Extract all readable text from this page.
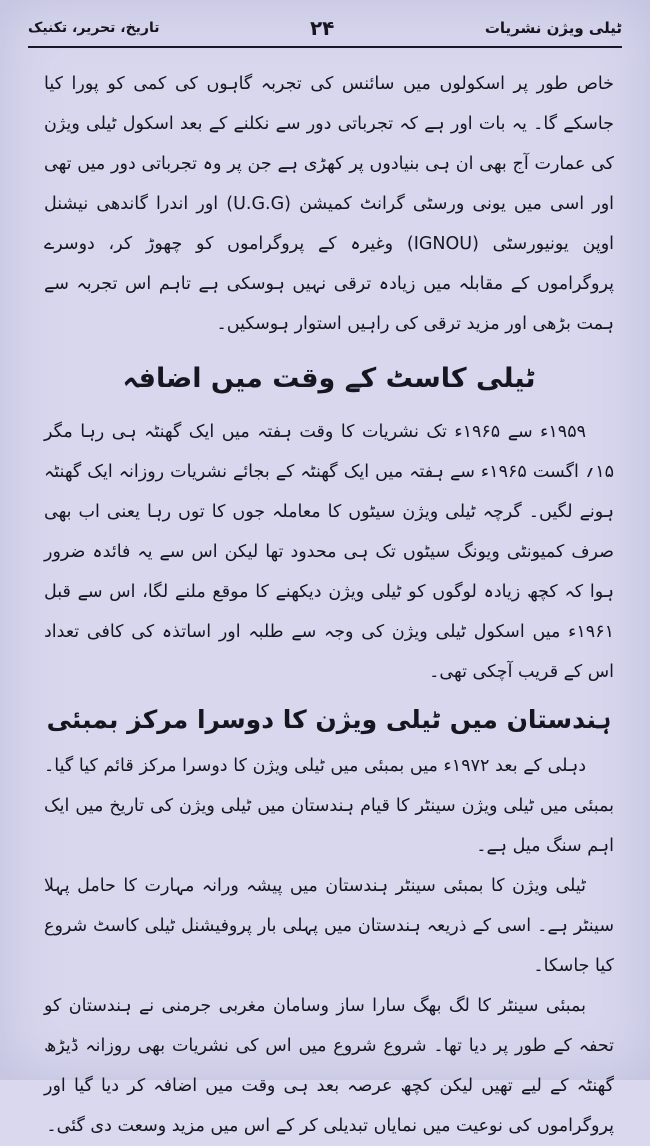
تاریخ، تحریر، تکنیک	۲۴	ٹیلی ویژن نشریات

خاص طور پر اسکولوں میں سائنس کی تجربہ گاہوں کی کمی کو پورا کیا جاسکے گا۔ یہ بات اور ہے کہ تجرباتی دور سے نکلنے کے بعد اسکول ٹیلی ویژن کی عمارت آج بھی ان ہی بنیادوں پر کھڑی ہے جن پر وہ تجرباتی دور میں تھی اور اسی میں یونی ورسٹی گرانٹ کمیشن (U.G.G) اور اندرا گاندھی نیشنل اوپن یونیورسٹی (IGNOU) وغیرہ کے پروگراموں کو چھوڑ کر، دوسرے پروگراموں کے مقابلہ میں زیادہ ترقی نہیں ہوسکی ہے تاہم اس تجربہ سے ہمت بڑھی اور مزید ترقی کی راہیں استوار ہوسکیں۔

ٹیلی کاسٹ کے وقت میں اضافہ

۱۹۵۹ء سے ۱۹۶۵ء تک نشریات کا وقت ہفتہ میں ایک گھنٹہ ہی رہا مگر ۱۵؍ اگست ۱۹۶۵ء سے ہفتہ میں ایک گھنٹہ کے بجائے نشریات روزانہ ایک گھنٹہ ہونے لگیں۔ گرچہ ٹیلی ویژن سیٹوں کا معاملہ جوں کا توں رہا یعنی اب بھی صرف کمیونٹی ویونگ سیٹوں تک ہی محدود تھا لیکن اس سے یہ فائدہ ضرور ہوا کہ کچھ زیادہ لوگوں کو ٹیلی ویژن دیکھنے کا موقع ملنے لگا، اس سے قبل ۱۹۶۱ء میں اسکول ٹیلی ویژن کی وجہ سے طلبہ اور اساتذہ کی کافی تعداد اس کے قریب آچکی تھی۔

ہندستان میں ٹیلی ویژن کا دوسرا مرکز بمبئی

دہلی کے بعد ۱۹۷۲ء میں بمبئی میں ٹیلی ویژن کا دوسرا مرکز قائم کیا گیا۔ بمبئی میں ٹیلی ویژن سینٹر کا قیام ہندستان میں ٹیلی ویژن کی تاریخ میں ایک اہم سنگ میل ہے۔

ٹیلی ویژن کا بمبئی سینٹر ہندستان میں پیشہ ورانہ مہارت کا حامل پہلا سینٹر ہے۔ اسی کے ذریعہ ہندستان میں پہلی بار پروفیشنل ٹیلی کاسٹ شروع کیا جاسکا۔

بمبئی سینٹر کا لگ بھگ سارا ساز وسامان مغربی جرمنی نے ہندستان کو تحفہ کے طور پر دیا تھا۔ شروع شروع میں اس کی نشریات بھی روزانہ ڈیڑھ گھنٹہ کے لیے تھیں لیکن کچھ عرصہ بعد ہی وقت میں اضافہ کر دیا گیا اور پروگراموں کی نوعیت میں نمایاں تبدیلی کر کے اس میں مزید وسعت دی گئی۔
